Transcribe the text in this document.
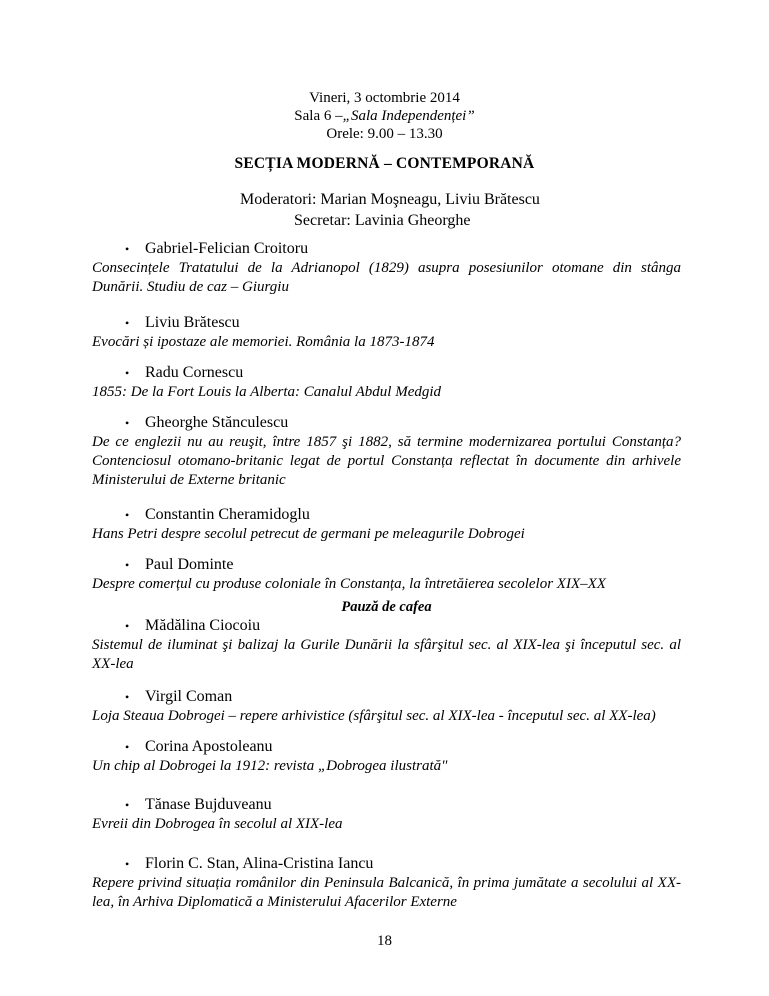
Vineri, 3 octombrie 2014
Sala 6 –„Sala Independenței”
Orele: 9.00 – 13.30
SECȚIA MODERNĂ – CONTEMPORANĂ
Moderatori: Marian Moşneagu, Liviu Brătescu
Secretar: Lavinia Gheorghe
• Gabriel-Felician Croitoru
Consecințele Tratatului de la Adrianopol (1829) asupra posesiunilor otomane din stânga Dunării. Studiu de caz – Giurgiu
• Liviu Brătescu
Evocări și ipostaze ale memoriei. România la 1873-1874
• Radu Cornescu
1855: De la Fort Louis la Alberta: Canalul Abdul Medgid
• Gheorghe Stănculescu
De ce englezii nu au reuşit, între 1857 şi 1882, să termine modernizarea portului Constanța? Contenciosul otomano-britanic legat de portul Constanța reflectat în documente din arhivele Ministerului de Externe britanic
• Constantin Cheramidoglu
Hans Petri despre secolul petrecut de germani pe meleagurile Dobrogei
• Paul Dominte
Despre comerțul cu produse coloniale în Constanța, la întretăierea secolelor XIX–XX
Pauză de cafea
• Mădălina Ciocoiu
Sistemul de iluminat şi balizaj la Gurile Dunării la sfârşitul sec. al XIX-lea şi începutul sec. al XX-lea
• Virgil Coman
Loja Steaua Dobrogei – repere arhivistice (sfârşitul sec. al XIX-lea - începutul sec. al XX-lea)
• Corina Apostoleanu
Un chip al Dobrogei la 1912: revista „Dobrogea ilustrată"
• Tănase Bujduveanu
Evreii din Dobrogea în secolul al XIX-lea
• Florin C. Stan, Alina-Cristina Iancu
Repere privind situația românilor din Peninsula Balcanică, în prima jumătate a secolului al XX-lea, în Arhiva Diplomatică a Ministerului Afacerilor Externe
18
